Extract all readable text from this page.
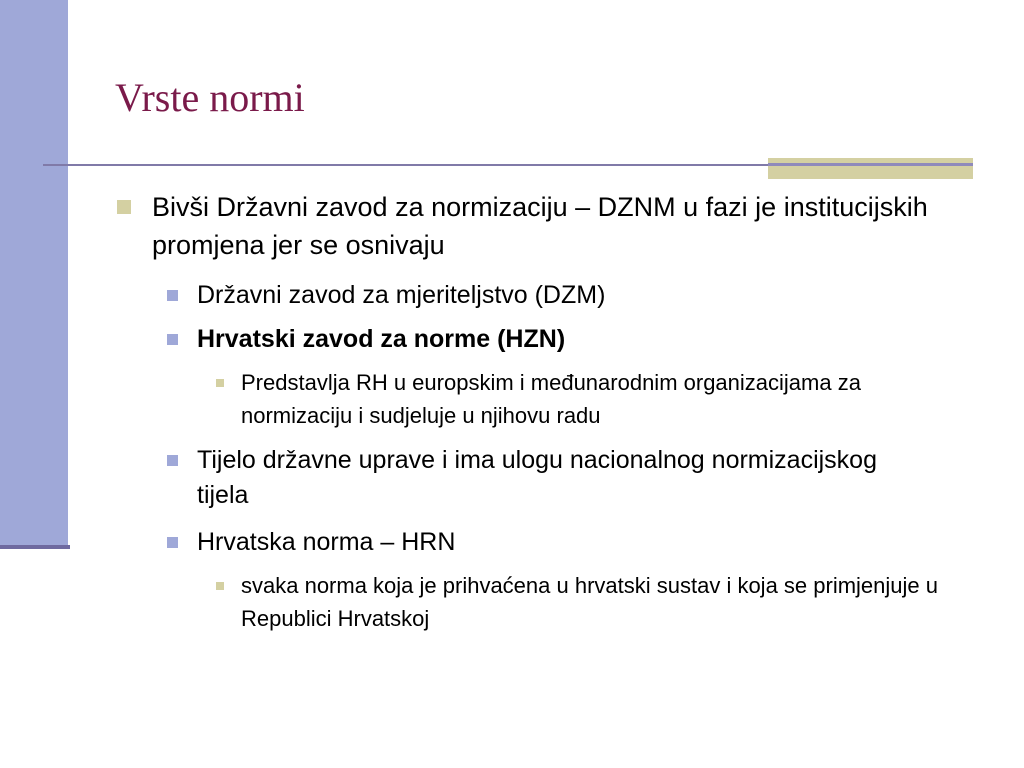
Vrste normi
Bivši Državni zavod za normizaciju – DZNM u fazi je institucijskih promjena jer se osnivaju
Državni zavod za mjeriteljstvo (DZM)
Hrvatski zavod za norme (HZN)
Predstavlja RH u europskim i međunarodnim organizacijama za normizaciju i sudjeluje u njihovu radu
Tijelo državne uprave i ima ulogu nacionalnog normizacijskog tijela
Hrvatska norma – HRN
svaka norma koja je prihvaćena u hrvatski sustav i koja se primjenjuje u Republici Hrvatskoj
